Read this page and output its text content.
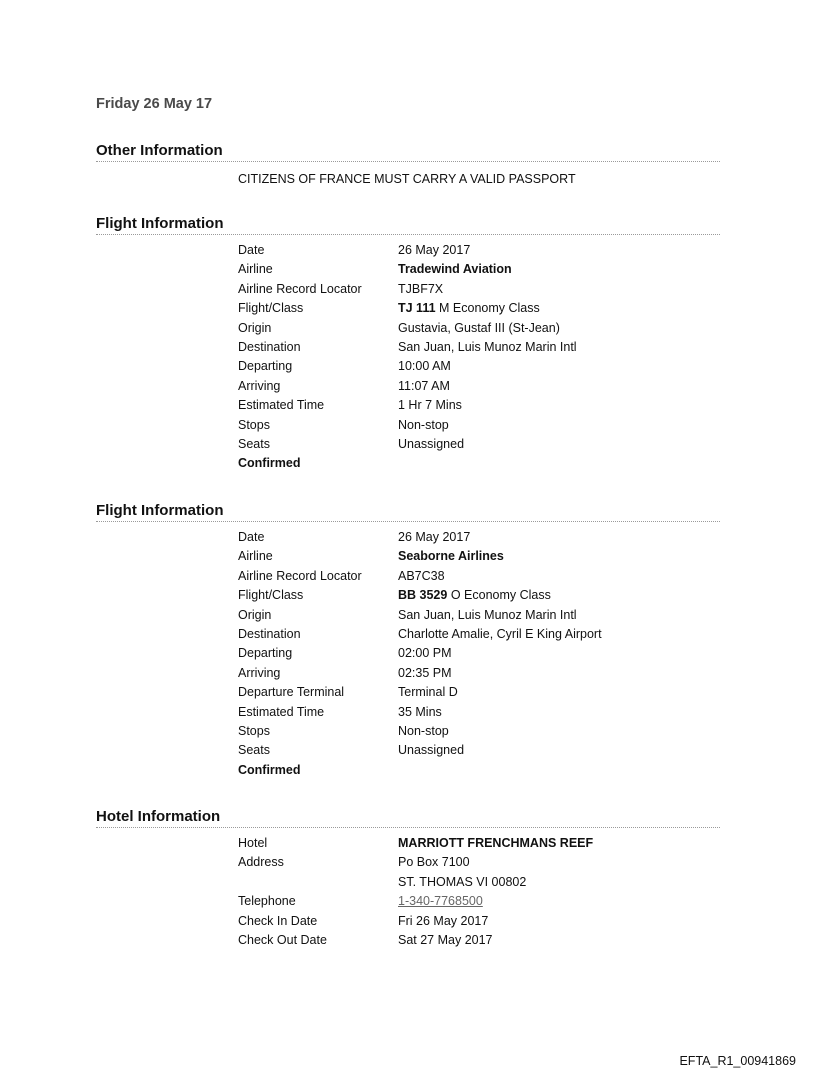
Friday 26 May 17
Other Information
CITIZENS OF FRANCE MUST CARRY A VALID PASSPORT
Flight Information
Date	26 May 2017
Airline	Tradewind Aviation
Airline Record Locator	TJBF7X
Flight/Class	TJ 111 M Economy Class
Origin	Gustavia, Gustaf III (St-Jean)
Destination	San Juan, Luis Munoz Marin Intl
Departing	10:00 AM
Arriving	11:07 AM
Estimated Time	1 Hr 7 Mins
Stops	Non-stop
Seats	Unassigned
Confirmed
Flight Information
Date	26 May 2017
Airline	Seaborne Airlines
Airline Record Locator	AB7C38
Flight/Class	BB 3529 O Economy Class
Origin	San Juan, Luis Munoz Marin Intl
Destination	Charlotte Amalie, Cyril E King Airport
Departing	02:00 PM
Arriving	02:35 PM
Departure Terminal	Terminal D
Estimated Time	35 Mins
Stops	Non-stop
Seats	Unassigned
Confirmed
Hotel Information
Hotel	MARRIOTT FRENCHMANS REEF
Address	Po Box 7100
ST. THOMAS VI 00802
Telephone	1-340-7768500
Check In Date	Fri 26 May 2017
Check Out Date	Sat 27 May 2017
EFTA_R1_00941869
